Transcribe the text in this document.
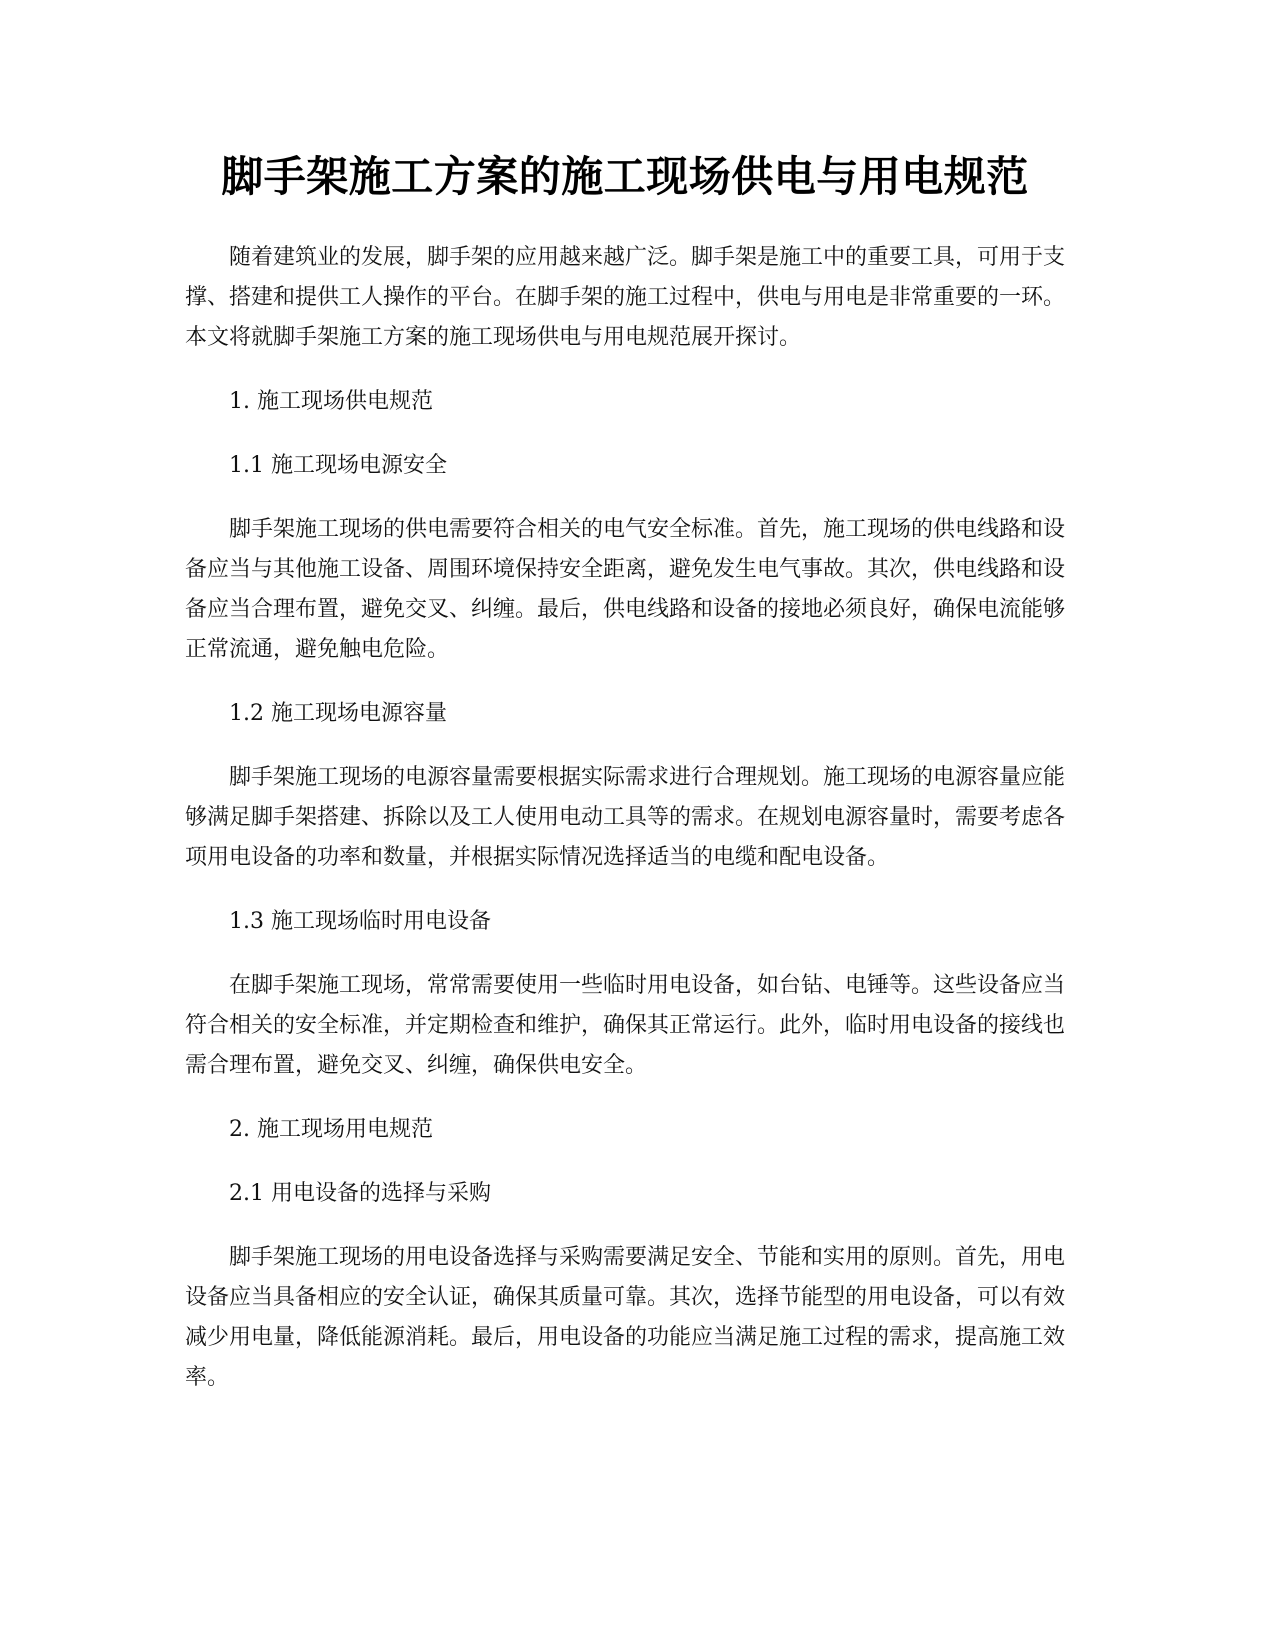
脚手架施工方案的施工现场供电与用电规范

随着建筑业的发展，脚手架的应用越来越广泛。脚手架是施工中的重要工具，可用于支撑、搭建和提供工人操作的平台。在脚手架的施工过程中，供电与用电是非常重要的一环。本文将就脚手架施工方案的施工现场供电与用电规范展开探讨。

1. 施工现场供电规范

1.1 施工现场电源安全

脚手架施工现场的供电需要符合相关的电气安全标准。首先，施工现场的供电线路和设备应当与其他施工设备、周围环境保持安全距离，避免发生电气事故。其次，供电线路和设备应当合理布置，避免交叉、纠缠。最后，供电线路和设备的接地必须良好，确保电流能够正常流通，避免触电危险。

1.2 施工现场电源容量

脚手架施工现场的电源容量需要根据实际需求进行合理规划。施工现场的电源容量应能够满足脚手架搭建、拆除以及工人使用电动工具等的需求。在规划电源容量时，需要考虑各项用电设备的功率和数量，并根据实际情况选择适当的电缆和配电设备。

1.3 施工现场临时用电设备

在脚手架施工现场，常常需要使用一些临时用电设备，如台钻、电锤等。这些设备应当符合相关的安全标准，并定期检查和维护，确保其正常运行。此外，临时用电设备的接线也需合理布置，避免交叉、纠缠，确保供电安全。

2. 施工现场用电规范

2.1 用电设备的选择与采购

脚手架施工现场的用电设备选择与采购需要满足安全、节能和实用的原则。首先，用电设备应当具备相应的安全认证，确保其质量可靠。其次，选择节能型的用电设备，可以有效减少用电量，降低能源消耗。最后，用电设备的功能应当满足施工过程的需求，提高施工效率。
